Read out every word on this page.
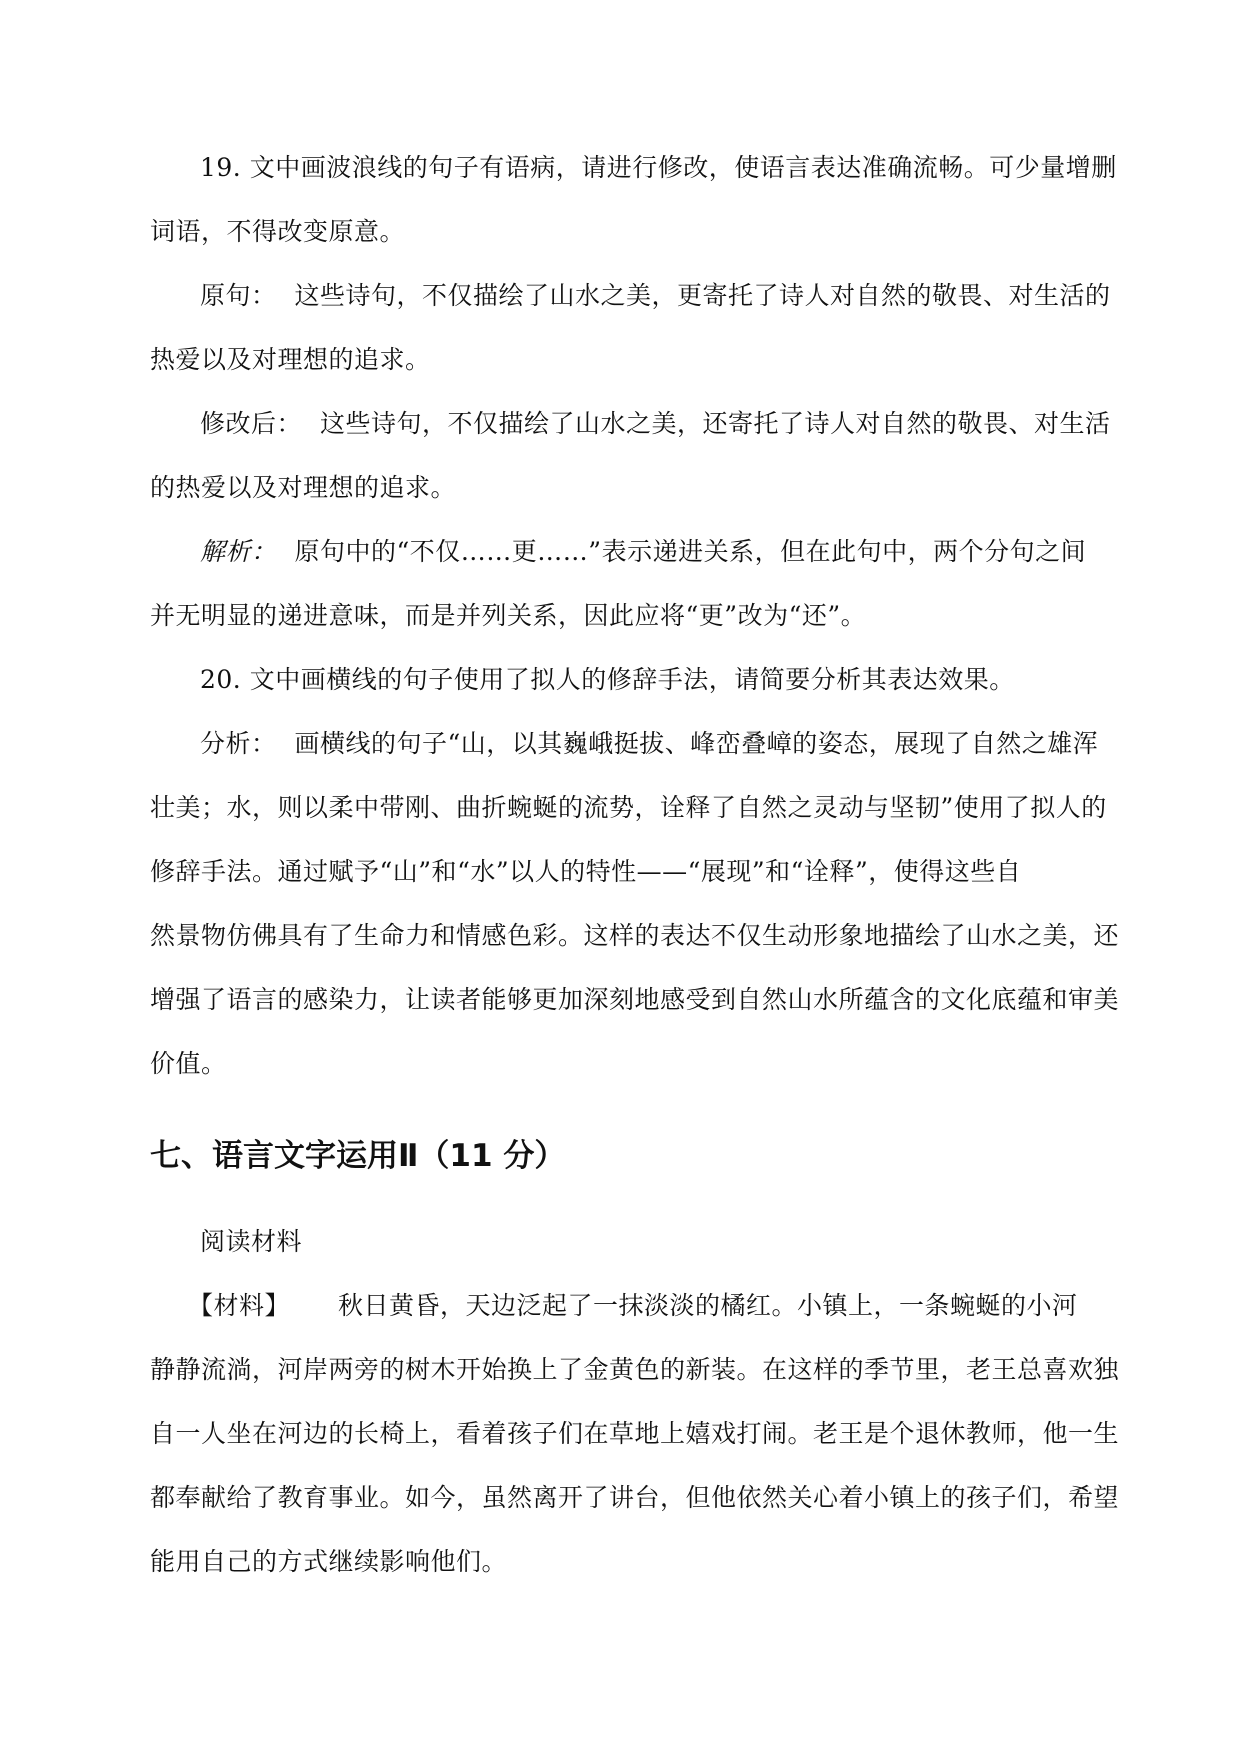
19. 文中画波浪线的句子有语病，请进行修改，使语言表达准确流畅。可少量增删
词语，不得改变原意。
原句： 这些诗句，不仅描绘了山水之美，更寄托了诗人对自然的敬畏、对生活的
热爱以及对理想的追求。
修改后： 这些诗句，不仅描绘了山水之美，还寄托了诗人对自然的敬畏、对生活
的热爱以及对理想的追求。
解析： 原句中的“不仅……更……”表示递进关系，但在此句中，两个分句之间
并无明显的递进意味，而是并列关系，因此应将“更”改为“还”。
20. 文中画横线的句子使用了拟人的修辞手法，请简要分析其表达效果。
分析： 画横线的句子“山，以其巍峨挺拔、峰峦叠嶂的姿态，展现了自然之雄浑
壮美；水，则以柔中带刚、曲折蜿蜒的流势，诠释了自然之灵动与坚韧”使用了拟人的
修辞手法。通过赋予“山”和“水”以人的特性——“展现”和“诠释”，使得这些自
然景物仿佛具有了生命力和情感色彩。这样的表达不仅生动形象地描绘了山水之美，还
增强了语言的感染力，让读者能够更加深刻地感受到自然山水所蕴含的文化底蕴和审美
价值。
七、语言文字运用Ⅱ（11 分）
阅读材料
【材料】 秋日黄昏，天边泛起了一抹淡淡的橘红。小镇上，一条蜿蜒的小河
静静流淌，河岸两旁的树木开始换上了金黄色的新装。在这样的季节里，老王总喜欢独
自一人坐在河边的长椅上，看着孩子们在草地上嬉戏打闹。老王是个退休教师，他一生
都奉献给了教育事业。如今，虽然离开了讲台，但他依然关心着小镇上的孩子们，希望
能用自己的方式继续影响他们。
